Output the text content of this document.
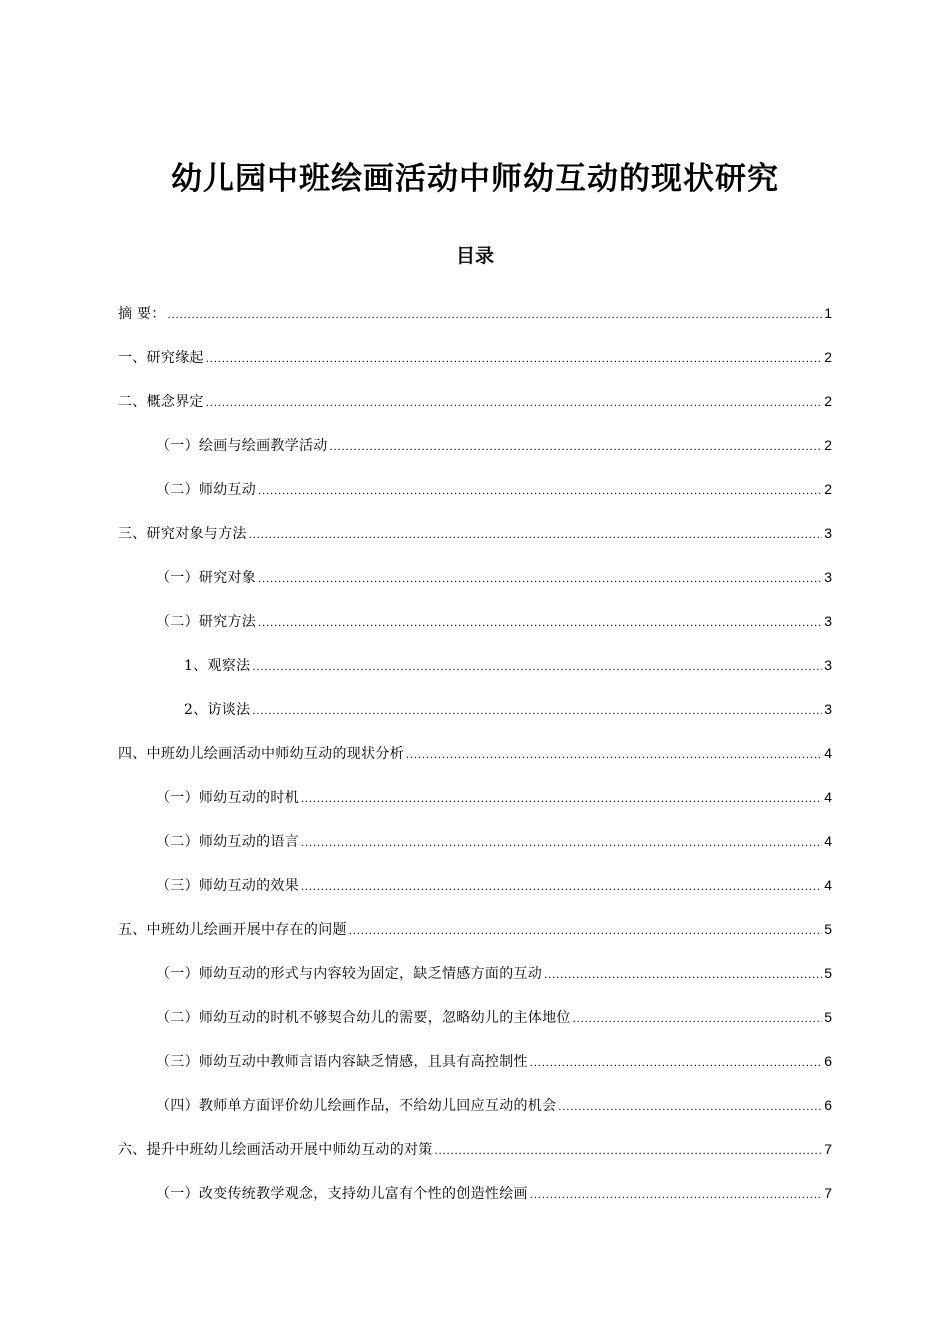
幼儿园中班绘画活动中师幼互动的现状研究
目录
摘 要： .....	1
一、研究缘起 .....	2
二、概念界定 .....	2
（一）绘画与绘画教学活动 .....	2
（二）师幼互动 .....	2
三、研究对象与方法 .....	3
（一）研究对象 .....	3
（二）研究方法 .....	3
1、观察法 .....	3
2、访谈法 .....	3
四、中班幼儿绘画活动中师幼互动的现状分析 .....	4
（一）师幼互动的时机 .....	4
（二）师幼互动的语言 .....	4
（三）师幼互动的效果 .....	4
五、中班幼儿绘画开展中存在的问题 .....	5
（一）师幼互动的形式与内容较为固定，缺乏情感方面的互动 .....	5
（二）师幼互动的时机不够契合幼儿的需要，忽略幼儿的主体地位 .....	5
（三）师幼互动中教师言语内容缺乏情感，且具有高控制性 .....	6
（四）教师单方面评价幼儿绘画作品，不给幼儿回应互动的机会 .....	6
六、提升中班幼儿绘画活动开展中师幼互动的对策 .....	7
（一）改变传统教学观念，支持幼儿富有个性的创造性绘画 .....	7
